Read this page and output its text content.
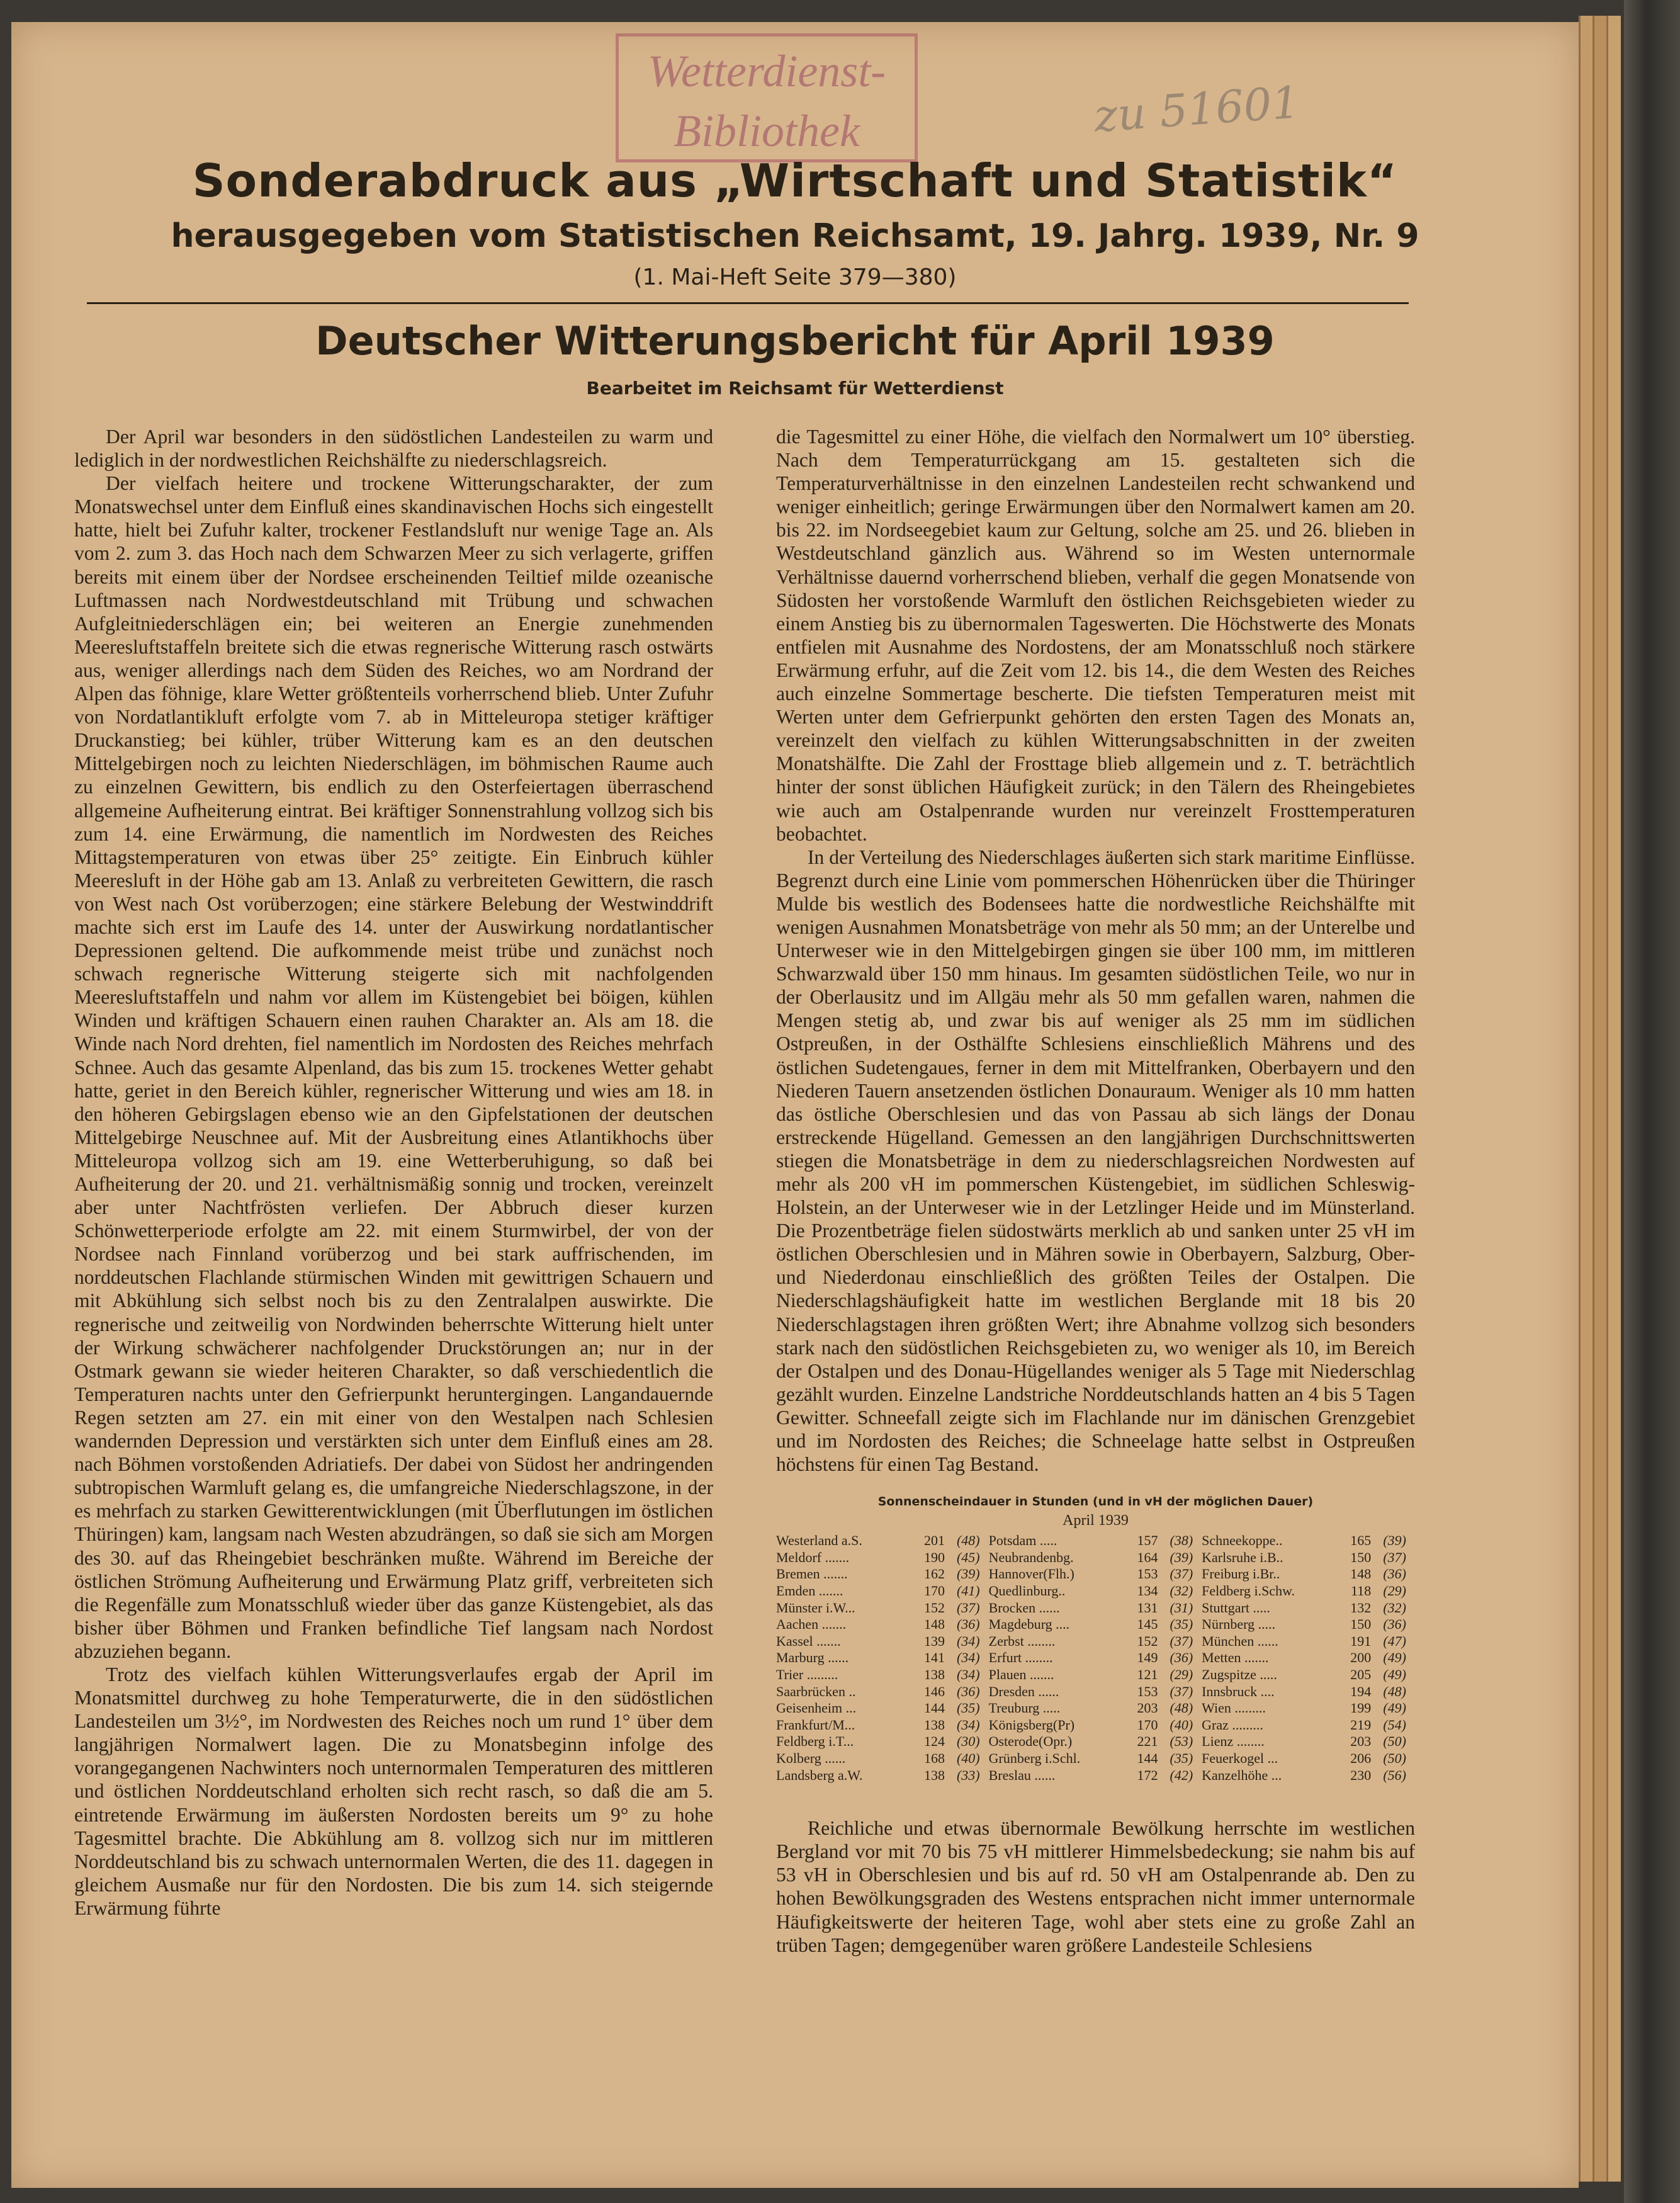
Wetterdienst-
Bibliothek	zu 51601
Sonderabdruck aus „Wirtschaft und Statistik“
herausgegeben vom Statistischen Reichsamt, 19. Jahrg. 1939, Nr. 9
(1. Mai-Heft Seite 379—380)
Deutscher Witterungsbericht für April 1939
Bearbeitet im Reichsamt für Wetterdienst

Der April war besonders in den südöstlichen Landesteilen zu warm und lediglich in der nordwestlichen Reichshälfte zu niederschlagsreich.

Der vielfach heitere und trockene Witterungscharakter, der zum Monatswechsel unter dem Einfluß eines skandinavischen Hochs sich eingestellt hatte, hielt bei Zufuhr kalter, trockener Festlandsluft nur wenige Tage an. Als vom 2. zum 3. das Hoch nach dem Schwarzen Meer zu sich verlagerte, griffen bereits mit einem über der Nordsee erscheinenden Teiltief milde ozeanische Luftmassen nach Nordwestdeutschland mit Trübung und schwachen Aufgleitniederschlägen ein; bei weiteren an Energie zunehmenden Meeresluftstaffeln breitete sich die etwas regnerische Witterung rasch ostwärts aus, weniger allerdings nach dem Süden des Reiches, wo am Nordrand der Alpen das föhnige, klare Wetter größtenteils vorherrschend blieb. Unter Zufuhr von Nordatlantikluft erfolgte vom 7. ab in Mitteleuropa stetiger kräftiger Druckanstieg; bei kühler, trüber Witterung kam es an den deutschen Mittelgebirgen noch zu leichten Niederschlägen, im böhmischen Raume auch zu einzelnen Gewittern, bis endlich zu den Osterfeiertagen überraschend allgemeine Aufheiterung eintrat. Bei kräftiger Sonnenstrahlung vollzog sich bis zum 14. eine Erwärmung, die namentlich im Nordwesten des Reiches Mittagstemperaturen von etwas über 25° zeitigte. Ein Einbruch kühler Meeresluft in der Höhe gab am 13. Anlaß zu verbreiteten Gewittern, die rasch von West nach Ost vorüberzogen; eine stärkere Belebung der Westwinddrift machte sich erst im Laufe des 14. unter der Auswirkung nordatlantischer Depressionen geltend. Die aufkommende meist trübe und zunächst noch schwach regnerische Witterung steigerte sich mit nachfolgenden Meeresluftstaffeln und nahm vor allem im Küstengebiet bei böigen, kühlen Winden und kräftigen Schauern einen rauhen Charakter an. Als am 18. die Winde nach Nord drehten, fiel namentlich im Nordosten des Reiches mehrfach Schnee. Auch das gesamte Alpenland, das bis zum 15. trockenes Wetter gehabt hatte, geriet in den Bereich kühler, regnerischer Witterung und wies am 18. in den höheren Gebirgslagen ebenso wie an den Gipfelstationen der deutschen Mittelgebirge Neuschnee auf. Mit der Ausbreitung eines Atlantikhochs über Mitteleuropa vollzog sich am 19. eine Wetterberuhigung, so daß bei Aufheiterung der 20. und 21. verhältnismäßig sonnig und trocken, vereinzelt aber unter Nachtfrösten verliefen. Der Abbruch dieser kurzen Schönwetterperiode erfolgte am 22. mit einem Sturmwirbel, der von der Nordsee nach Finnland vorüberzog und bei stark auffrischenden, im norddeutschen Flachlande stürmischen Winden mit gewittrigen Schauern und mit Abkühlung sich selbst noch bis zu den Zentralalpen auswirkte. Die regnerische und zeitweilig von Nordwinden beherrschte Witterung hielt unter der Wirkung schwächerer nachfolgender Druckstörungen an; nur in der Ostmark gewann sie wieder heiteren Charakter, so daß verschiedentlich die Temperaturen nachts unter den Gefrierpunkt heruntergingen. Langandauernde Regen setzten am 27. ein mit einer von den Westalpen nach Schlesien wandernden Depression und verstärkten sich unter dem Einfluß eines am 28. nach Böhmen vorstoßenden Adriatiefs. Der dabei von Südost her andringenden subtropischen Warmluft gelang es, die umfangreiche Niederschlagszone, in der es mehrfach zu starken Gewitterentwicklungen (mit Überflutungen im östlichen Thüringen) kam, langsam nach Westen abzudrängen, so daß sie sich am Morgen des 30. auf das Rheingebiet beschränken mußte. Während im Bereiche der östlichen Strömung Aufheiterung und Erwärmung Platz griff, verbreiteten sich die Regenfälle zum Monatsschluß wieder über das ganze Küstengebiet, als das bisher über Böhmen und Franken befindliche Tief langsam nach Nordost abzuziehen begann.

Trotz des vielfach kühlen Witterungsverlaufes ergab der April im Monatsmittel durchweg zu hohe Temperaturwerte, die in den südöstlichen Landesteilen um 3½°, im Nordwesten des Reiches noch um rund 1° über dem langjährigen Normalwert lagen. Die zu Monatsbeginn infolge des vorangegangenen Nachwinters noch unternormalen Temperaturen des mittleren und östlichen Norddeutschland erholten sich recht rasch, so daß die am 5. eintretende Erwärmung im äußersten Nordosten bereits um 9° zu hohe Tagesmittel brachte. Die Abkühlung am 8. vollzog sich nur im mittleren Norddeutschland bis zu schwach unternormalen Werten, die des 11. dagegen in gleichem Ausmaße nur für den Nordosten. Die bis zum 14. sich steigernde Erwärmung führte

die Tagesmittel zu einer Höhe, die vielfach den Normalwert um 10° überstieg. Nach dem Temperaturrückgang am 15. gestalteten sich die Temperaturverhältnisse in den einzelnen Landesteilen recht schwankend und weniger einheitlich; geringe Erwärmungen über den Normalwert kamen am 20. bis 22. im Nordseegebiet kaum zur Geltung, solche am 25. und 26. blieben in Westdeutschland gänzlich aus. Während so im Westen unternormale Verhältnisse dauernd vorherrschend blieben, verhalf die gegen Monatsende von Südosten her vorstoßende Warmluft den östlichen Reichsgebieten wieder zu einem Anstieg bis zu übernormalen Tageswerten. Die Höchstwerte des Monats entfielen mit Ausnahme des Nordostens, der am Monatsschluß noch stärkere Erwärmung erfuhr, auf die Zeit vom 12. bis 14., die dem Westen des Reiches auch einzelne Sommertage bescherte. Die tiefsten Temperaturen meist mit Werten unter dem Gefrierpunkt gehörten den ersten Tagen des Monats an, vereinzelt den vielfach zu kühlen Witterungsabschnitten in der zweiten Monatshälfte. Die Zahl der Frosttage blieb allgemein und z. T. beträchtlich hinter der sonst üblichen Häufigkeit zurück; in den Tälern des Rheingebietes wie auch am Ostalpenrande wurden nur vereinzelt Frosttemperaturen beobachtet.

In der Verteilung des Niederschlages äußerten sich stark maritime Einflüsse. Begrenzt durch eine Linie vom pommerschen Höhenrücken über die Thüringer Mulde bis westlich des Bodensees hatte die nordwestliche Reichshälfte mit wenigen Ausnahmen Monatsbeträge von mehr als 50 mm; an der Unterelbe und Unterweser wie in den Mittelgebirgen gingen sie über 100 mm, im mittleren Schwarzwald über 150 mm hinaus. Im gesamten südöstlichen Teile, wo nur in der Oberlausitz und im Allgäu mehr als 50 mm gefallen waren, nahmen die Mengen stetig ab, und zwar bis auf weniger als 25 mm im südlichen Ostpreußen, in der Osthälfte Schlesiens einschließlich Mährens und des östlichen Sudetengaues, ferner in dem mit Mittelfranken, Oberbayern und den Niederen Tauern ansetzenden östlichen Donauraum. Weniger als 10 mm hatten das östliche Oberschlesien und das von Passau ab sich längs der Donau erstreckende Hügelland. Gemessen an den langjährigen Durchschnittswerten stiegen die Monatsbeträge in dem zu niederschlagsreichen Nordwesten auf mehr als 200 vH im pommerschen Küstengebiet, im südlichen Schleswig-Holstein, an der Unterweser wie in der Letzlinger Heide und im Münsterland. Die Prozentbeträge fielen südostwärts merklich ab und sanken unter 25 vH im östlichen Oberschlesien und in Mähren sowie in Oberbayern, Salzburg, Ober- und Niederdonau einschließlich des größten Teiles der Ostalpen. Die Niederschlagshäufigkeit hatte im westlichen Berglande mit 18 bis 20 Niederschlagstagen ihren größten Wert; ihre Abnahme vollzog sich besonders stark nach den südöstlichen Reichsgebieten zu, wo weniger als 10, im Bereich der Ostalpen und des Donau-Hügellandes weniger als 5 Tage mit Niederschlag gezählt wurden. Einzelne Landstriche Norddeutschlands hatten an 4 bis 5 Tagen Gewitter. Schneefall zeigte sich im Flachlande nur im dänischen Grenzgebiet und im Nordosten des Reiches; die Schneelage hatte selbst in Ostpreußen höchstens für einen Tag Bestand.

Sonnenscheindauer in Stunden (und in vH der möglichen Dauer)
April 1939
Westerland a.S.	201	(48)	Potsdam .....	157	(38)	Schneekoppe..	165	(39)
Meldorf .......	190	(45)	Neubrandenbg.	164	(39)	Karlsruhe i.B..	150	(37)
Bremen .......	162	(39)	Hannover(Flh.)	153	(37)	Freiburg i.Br..	148	(36)
Emden .......	170	(41)	Quedlinburg..	134	(32)	Feldberg i.Schw.	118	(29)
Münster i.W...	152	(37)	Brocken ......	131	(31)	Stuttgart .....	132	(32)
Aachen .......	148	(36)	Magdeburg ....	145	(35)	Nürnberg .....	150	(36)
Kassel .......	139	(34)	Zerbst ........	152	(37)	München ......	191	(47)
Marburg ......	141	(34)	Erfurt ........	149	(36)	Metten .......	200	(49)
Trier .........	138	(34)	Plauen .......	121	(29)	Zugspitze .....	205	(49)
Saarbrücken ..	146	(36)	Dresden ......	153	(37)	Innsbruck ....	194	(48)
Geisenheim ...	144	(35)	Treuburg .....	203	(48)	Wien .........	199	(49)
Frankfurt/M...	138	(34)	Königsberg(Pr)	170	(40)	Graz .........	219	(54)
Feldberg i.T...	124	(30)	Osterode(Opr.)	221	(53)	Lienz ........	203	(50)
Kolberg ......	168	(40)	Grünberg i.Schl.	144	(35)	Feuerkogel ...	206	(50)
Landsberg a.W.	138	(33)	Breslau ......	172	(42)	Kanzelhöhe ...	230	(56)

Reichliche und etwas übernormale Bewölkung herrschte im westlichen Bergland vor mit 70 bis 75 vH mittlerer Himmelsbedeckung; sie nahm bis auf 53 vH in Oberschlesien und bis auf rd. 50 vH am Ostalpenrande ab. Den zu hohen Bewölkungsgraden des Westens entsprachen nicht immer unternormale Häufigkeitswerte der heiteren Tage, wohl aber stets eine zu große Zahl an trüben Tagen; demgegenüber waren größere Landesteile Schlesiens
